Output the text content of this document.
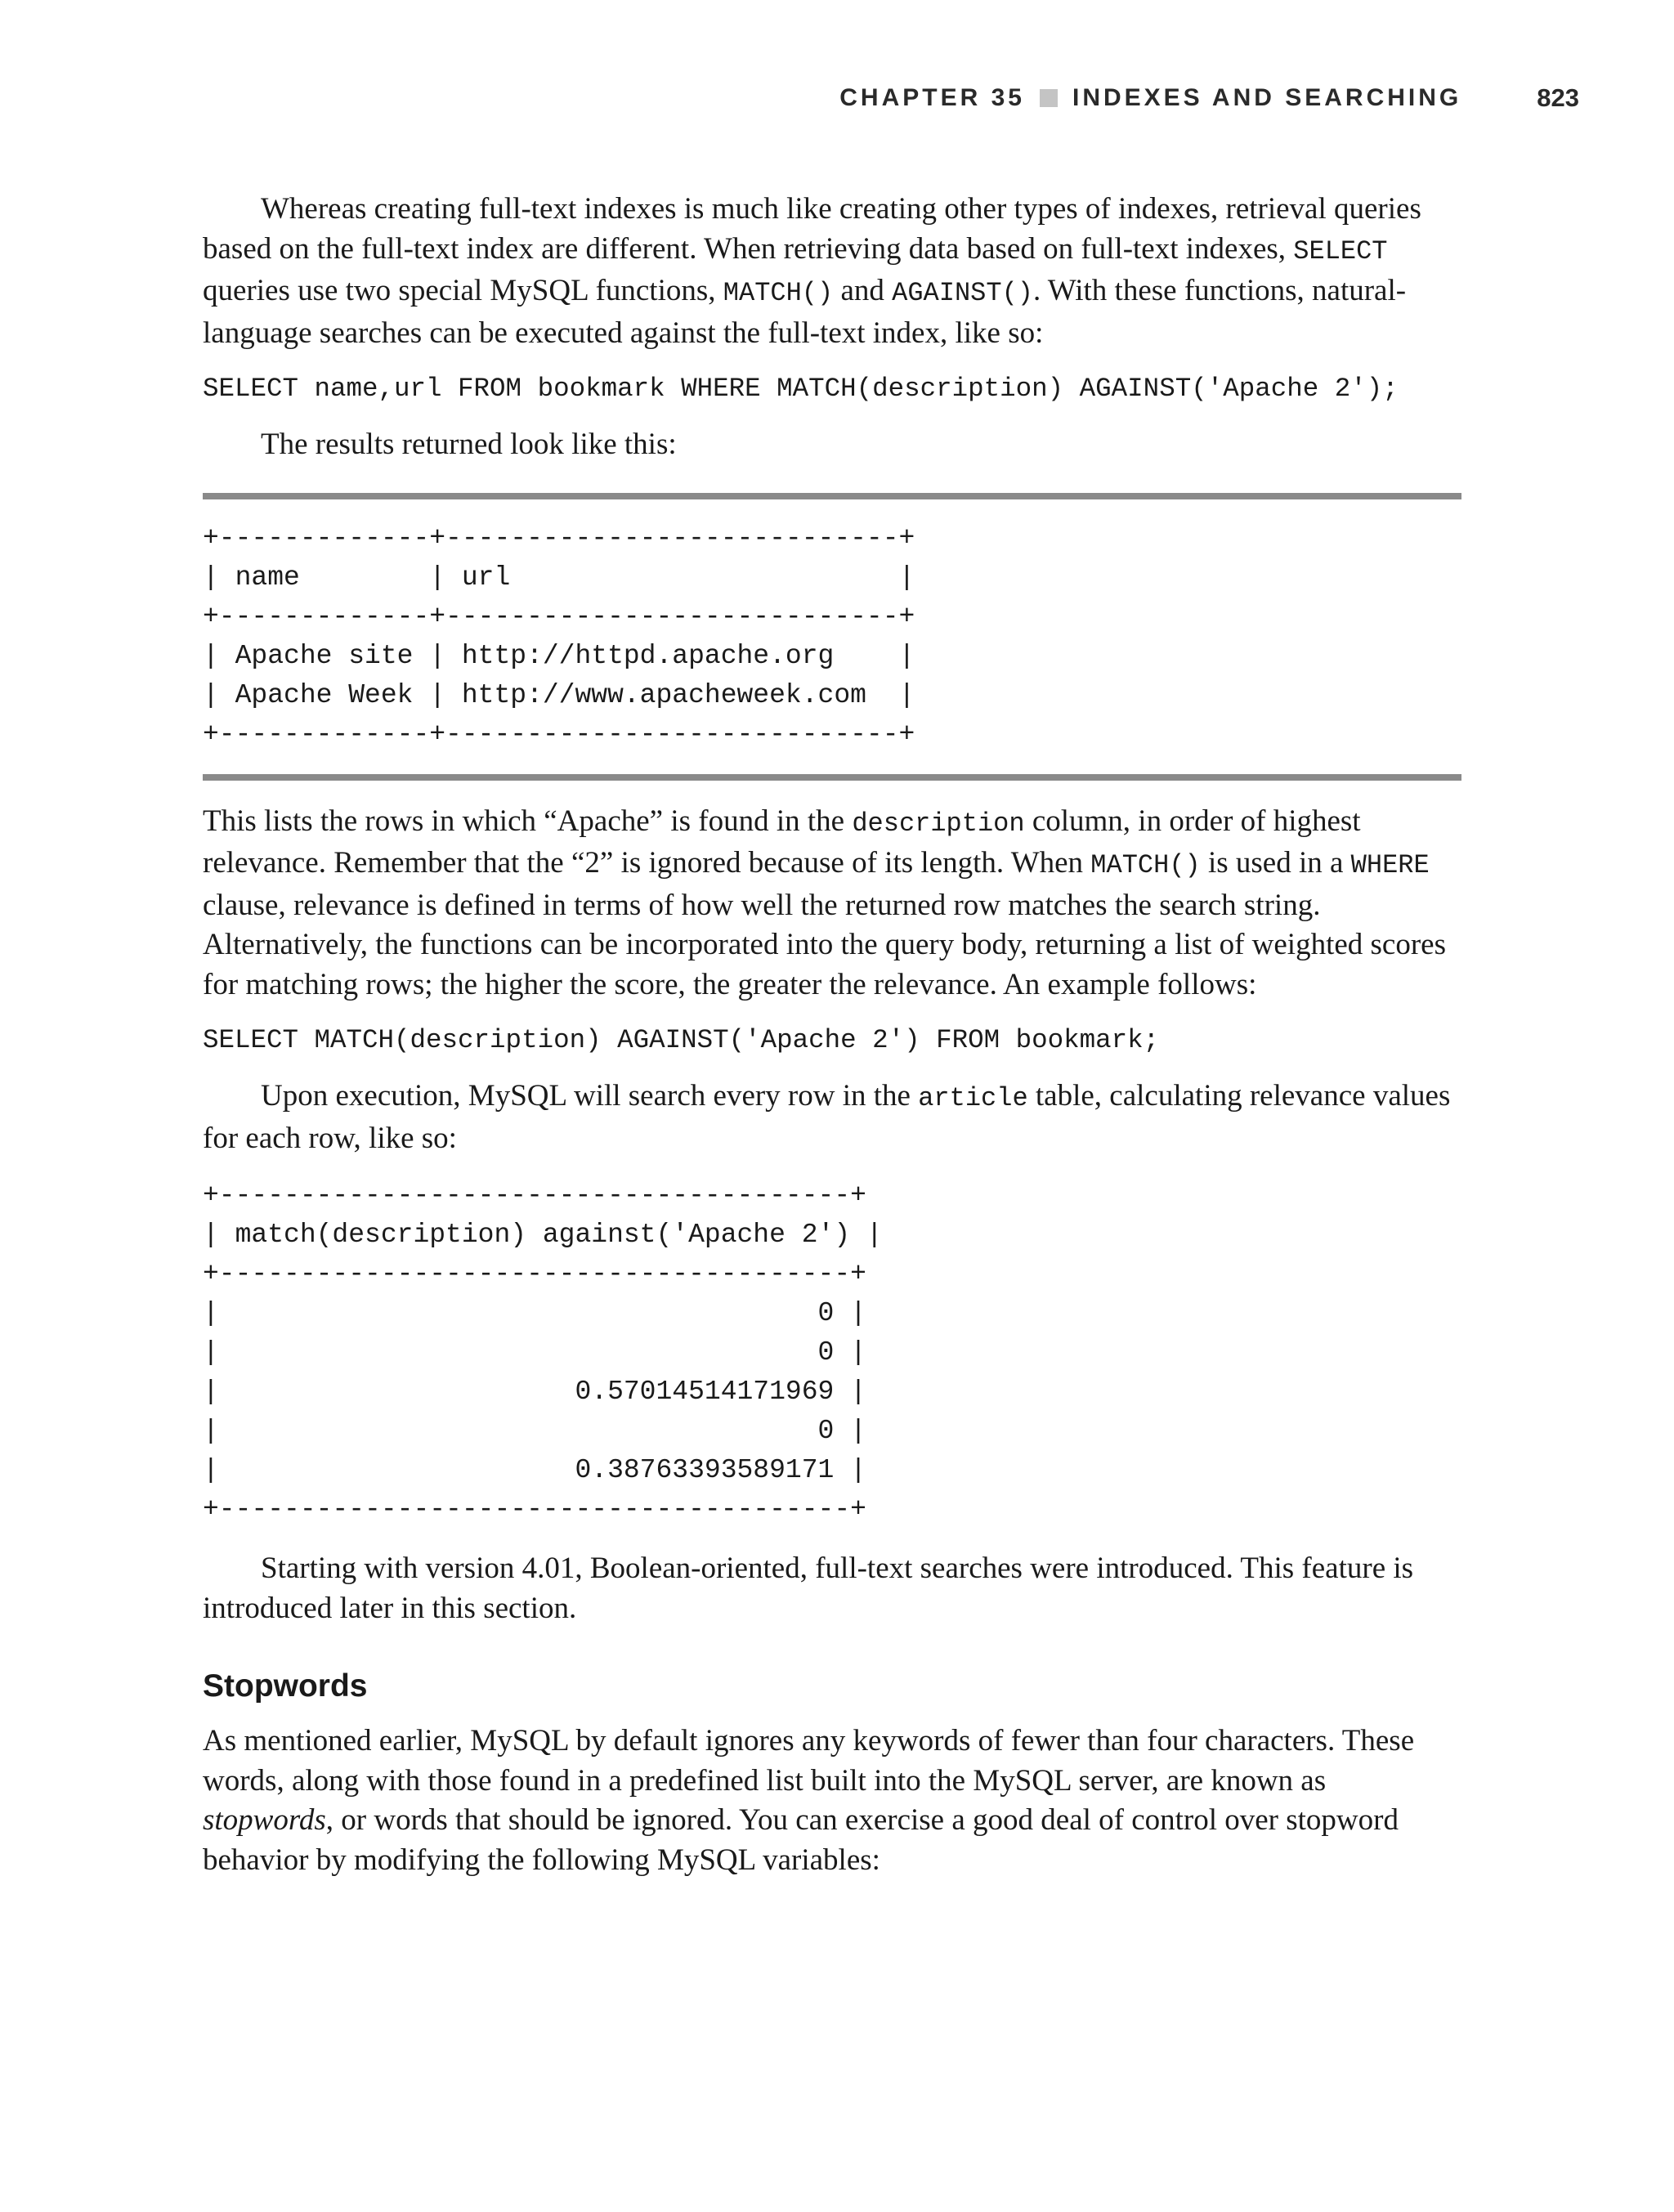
CHAPTER 35 INDEXES AND SEARCHING	823

Whereas creating full-text indexes is much like creating other types of indexes, retrieval queries based on the full-text index are different. When retrieving data based on full-text indexes, SELECT queries use two special MySQL functions, MATCH() and AGAINST(). With these functions, natural-language searches can be executed against the full-text index, like so:

SELECT name,url FROM bookmark WHERE MATCH(description) AGAINST('Apache 2');

The results returned look like this:

+-------------+----------------------------+
| name        | url                        |
+-------------+----------------------------+
| Apache site | http://httpd.apache.org    |
| Apache Week | http://www.apacheweek.com  |
+-------------+----------------------------+

This lists the rows in which “Apache” is found in the description column, in order of highest relevance. Remember that the “2” is ignored because of its length. When MATCH() is used in a WHERE clause, relevance is defined in terms of how well the returned row matches the search string. Alternatively, the functions can be incorporated into the query body, returning a list of weighted scores for matching rows; the higher the score, the greater the relevance. An example follows:

SELECT MATCH(description) AGAINST('Apache 2') FROM bookmark;

Upon execution, MySQL will search every row in the article table, calculating relevance values for each row, like so:

+---------------------------------------+
| match(description) against('Apache 2') |
+---------------------------------------+
|                                     0 |
|                                     0 |
|                      0.57014514171969 |
|                                     0 |
|                      0.38763393589171 |
+---------------------------------------+

Starting with version 4.01, Boolean-oriented, full-text searches were introduced. This feature is introduced later in this section.

Stopwords

As mentioned earlier, MySQL by default ignores any keywords of fewer than four characters. These words, along with those found in a predefined list built into the MySQL server, are known as stopwords, or words that should be ignored. You can exercise a good deal of control over stopword behavior by modifying the following MySQL variables:
